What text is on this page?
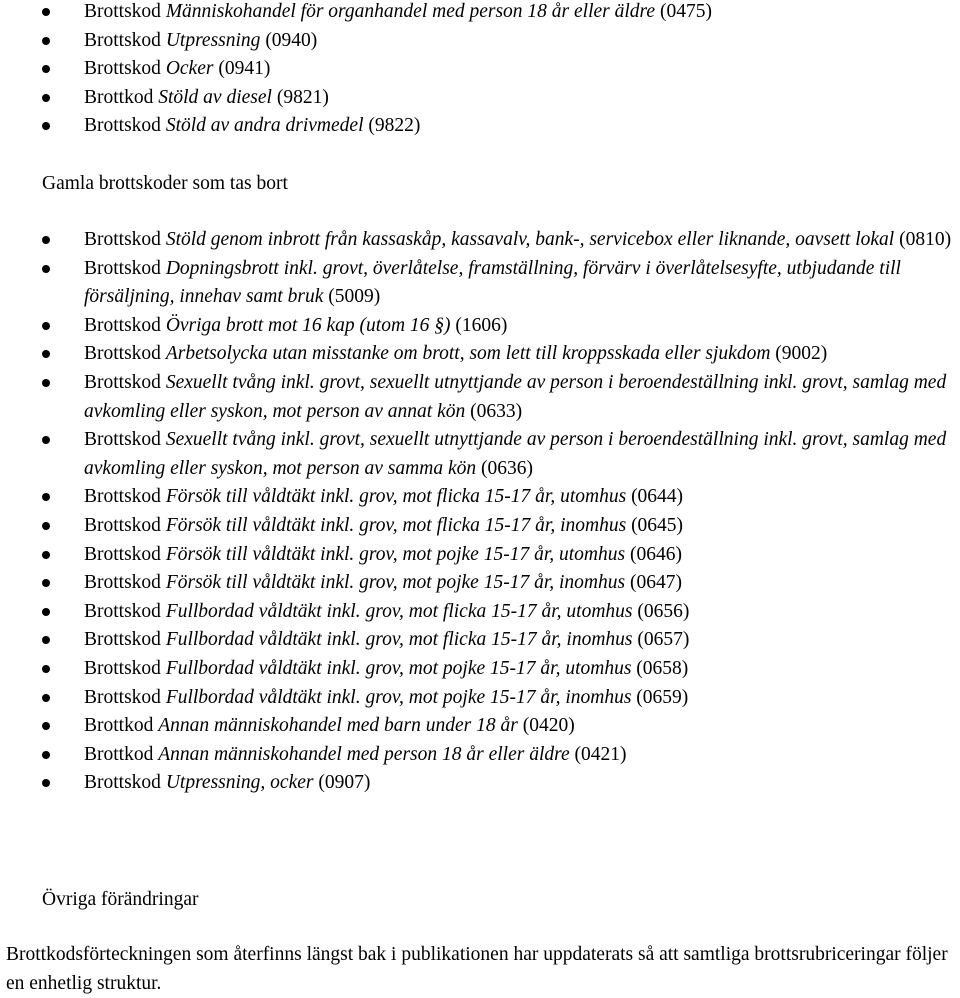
Brottskod Människohandel för organhandel med person 18 år eller äldre (0475)
Brottskod Utpressning (0940)
Brottskod Ocker (0941)
Brottkod Stöld av diesel (9821)
Brottskod Stöld av andra drivmedel (9822)
Gamla brottskoder som tas bort
Brottskod Stöld genom inbrott från kassaskåp, kassavalv, bank-, servicebox eller liknande, oavsett lokal (0810)
Brottskod Dopningsbrott inkl. grovt, överlåtelse, framställning, förvärv i överlåtelsesyfte, utbjudande till försäljning, innehav samt bruk (5009)
Brottskod Övriga brott mot 16 kap (utom 16 §) (1606)
Brottskod Arbetsolycka utan misstanke om brott, som lett till kroppsskada eller sjukdom (9002)
Brottskod Sexuellt tvång inkl. grovt, sexuellt utnyttjande av person i beroendeställning inkl. grovt, samlag med avkomling eller syskon, mot person av annat kön (0633)
Brottskod Sexuellt tvång inkl. grovt, sexuellt utnyttjande av person i beroendeställning inkl. grovt, samlag med avkomling eller syskon, mot person av samma kön (0636)
Brottskod Försök till våldtäkt inkl. grov, mot flicka 15-17 år, utomhus (0644)
Brottskod Försök till våldtäkt inkl. grov, mot flicka 15-17 år, inomhus (0645)
Brottskod Försök till våldtäkt inkl. grov, mot pojke 15-17 år, utomhus (0646)
Brottskod Försök till våldtäkt inkl. grov, mot pojke 15-17 år, inomhus (0647)
Brottskod Fullbordad våldtäkt inkl. grov, mot flicka 15-17 år, utomhus (0656)
Brottskod Fullbordad våldtäkt inkl. grov, mot flicka 15-17 år, inomhus (0657)
Brottskod Fullbordad våldtäkt inkl. grov, mot pojke 15-17 år, utomhus (0658)
Brottskod Fullbordad våldtäkt inkl. grov, mot pojke 15-17 år, inomhus (0659)
Brottkod Annan människohandel med barn under 18 år (0420)
Brottkod Annan människohandel med person 18 år eller äldre (0421)
Brottskod Utpressning, ocker (0907)
Övriga förändringar
Brottkodsförteckningen som återfinns längst bak i publikationen har uppdaterats så att samtliga brottsrubriceringar följer en enhetlig struktur.
